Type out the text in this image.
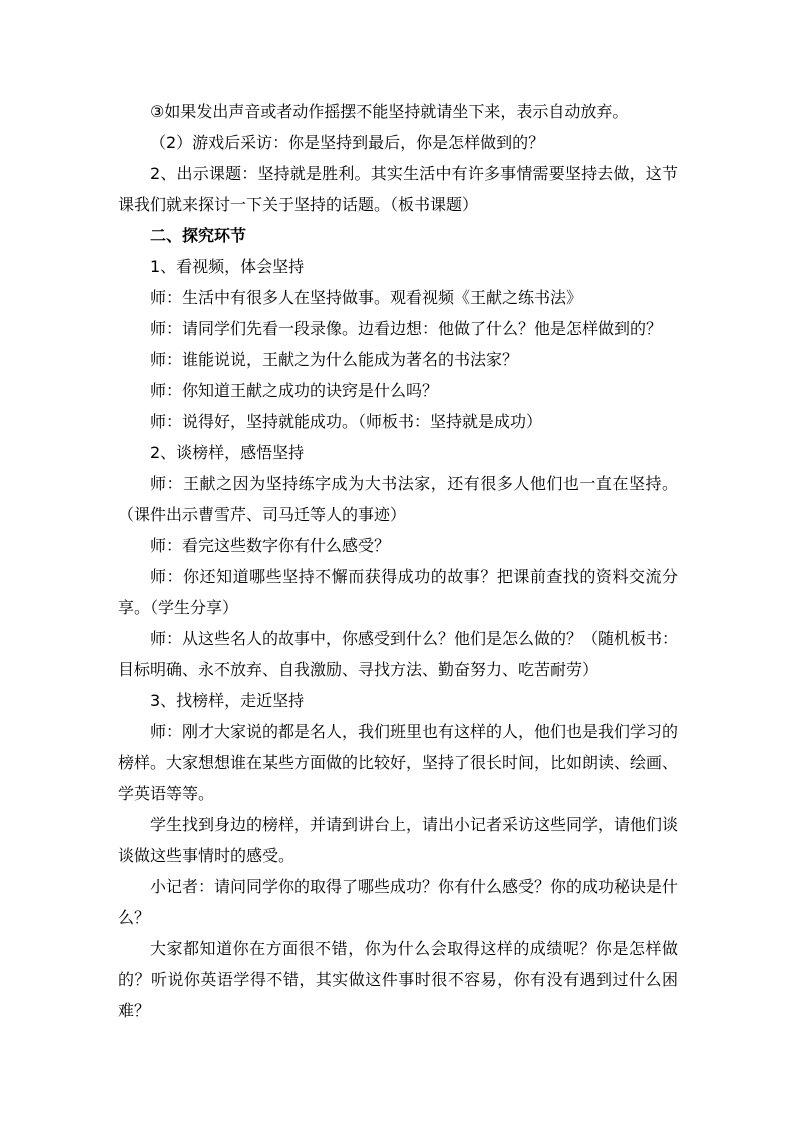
③如果发出声音或者动作摇摆不能坚持就请坐下来，表示自动放弃。

（2）游戏后采访：你是坚持到最后，你是怎样做到的？

2、出示课题：坚持就是胜利。其实生活中有许多事情需要坚持去做，这节课我们就来探讨一下关于坚持的话题。（板书课题）

二、探究环节

1、看视频，体会坚持

师：生活中有很多人在坚持做事。观看视频《王献之练书法》

师：请同学们先看一段录像。边看边想：他做了什么？他是怎样做到的？

师：谁能说说，王献之为什么能成为著名的书法家？

师：你知道王献之成功的诀窍是什么吗？

师：说得好，坚持就能成功。（师板书：坚持就是成功）

2、谈榜样，感悟坚持

师：王献之因为坚持练字成为大书法家，还有很多人他们也一直在坚持。（课件出示曹雪芹、司马迁等人的事迹）

师：看完这些数字你有什么感受？

师：你还知道哪些坚持不懈而获得成功的故事？把课前查找的资料交流分享。（学生分享）

师：从这些名人的故事中，你感受到什么？他们是怎么做的？（随机板书：目标明确、永不放弃、自我激励、寻找方法、勤奋努力、吃苦耐劳）

3、找榜样，走近坚持

师：刚才大家说的都是名人，我们班里也有这样的人，他们也是我们学习的榜样。大家想想谁在某些方面做的比较好，坚持了很长时间，比如朗读、绘画、学英语等等。

学生找到身边的榜样，并请到讲台上，请出小记者采访这些同学，请他们谈谈做这些事情时的感受。

小记者：请问同学你的取得了哪些成功？你有什么感受？你的成功秘诀是什么？

大家都知道你在方面很不错，你为什么会取得这样的成绩呢？你是怎样做的？听说你英语学得不错，其实做这件事时很不容易，你有没有遇到过什么困难？
